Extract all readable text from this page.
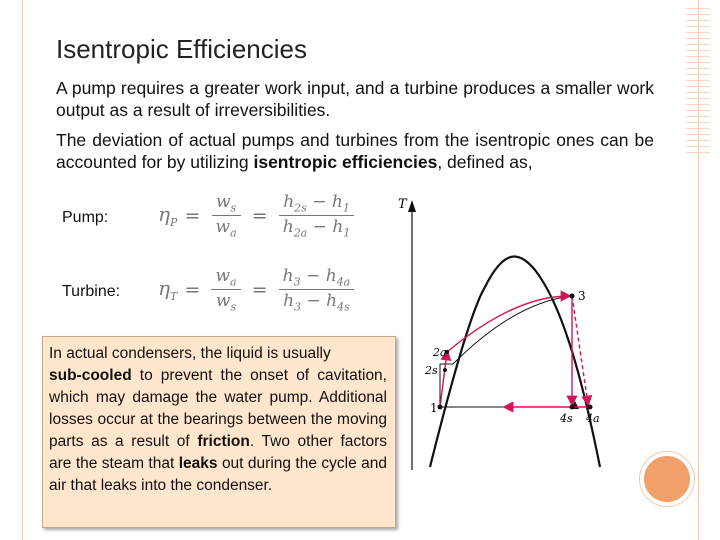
Isentropic Efficiencies
A pump requires a greater work input, and a turbine produces a smaller work output as a result of irreversibilities.
The deviation of actual pumps and turbines from the isentropic ones can be accounted for by utilizing isentropic efficiencies, defined as,
Pump:
Turbine:
$\eta_P = \frac{w_s}{w_a} = \frac{h_{2s} - h_1}{h_{2a} - h_1}$
$\eta_T = \frac{w_a}{w_s} = \frac{h_3 - h_{4a}}{h_3 - h_{4s}}$
In actual condensers, the liquid is usually
sub-cooled to prevent the onset of cavitation, which may damage the water pump. Additional losses occur at the bearings between the moving parts as a result of friction. Two other factors are the steam that leaks out during the cycle and air that leaks into the condenser.
T
1
2a
2s
3
4s 4a
